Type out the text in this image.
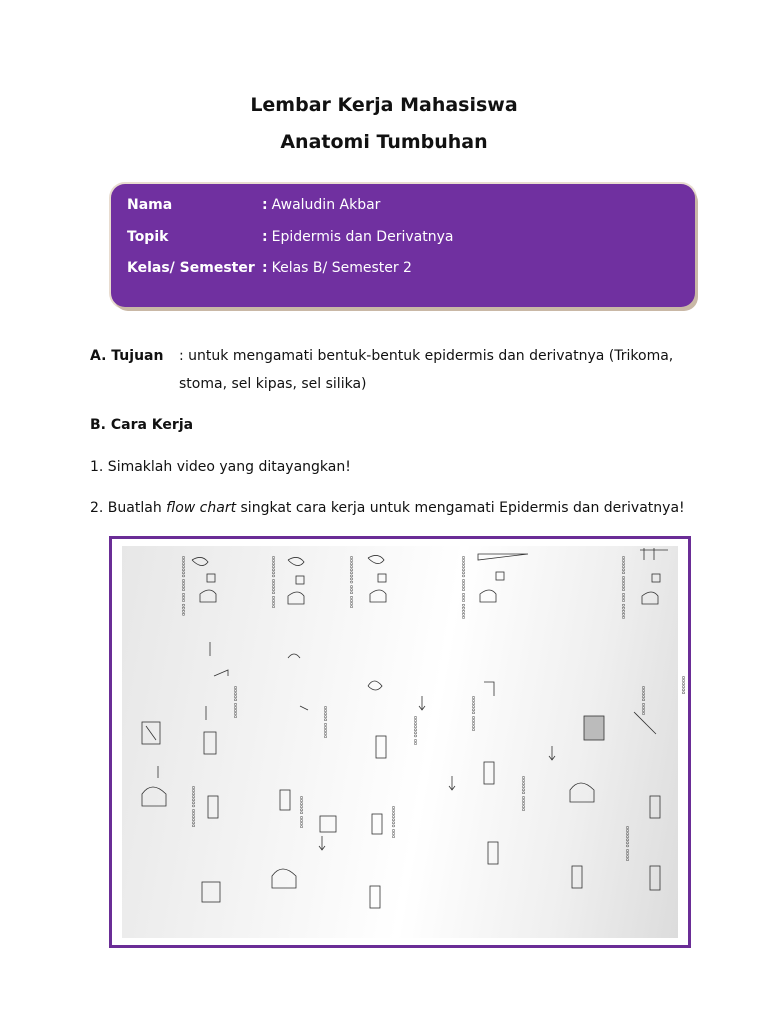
Lembar Kerja Mahasiswa
Anatomi Tumbuhan
Nama	: Awaludin Akbar
Topik	: Epidermis dan Derivatnya
Kelas/ Semester : Kelas B/ Semester 2
A. Tujuan : untuk mengamati bentuk-bentuk epidermis dan derivatnya (Trikoma,
stoma, sel kipas, sel silika)
B. Cara Kerja
1. Simaklah video yang ditayangkan!
2. Buatlah flow chart singkat cara kerja untuk mengamati Epidermis dan derivatnya!
ooooooo oooo ooo oooo	ooooooo ooooo oooo	ooooooooo ooo oooo	ooooooo oooo ooo ooooo	oooooo ooooo ooo ooooo
ooooo ooooo
ooooo ooooo	ooooooo oo	oooooo ooooo	ooooo oooo
oooooo
ooooooo oooooo	oooooo oooo	ooooooo ooo
oooooo ooooo
ooooooo oooo
